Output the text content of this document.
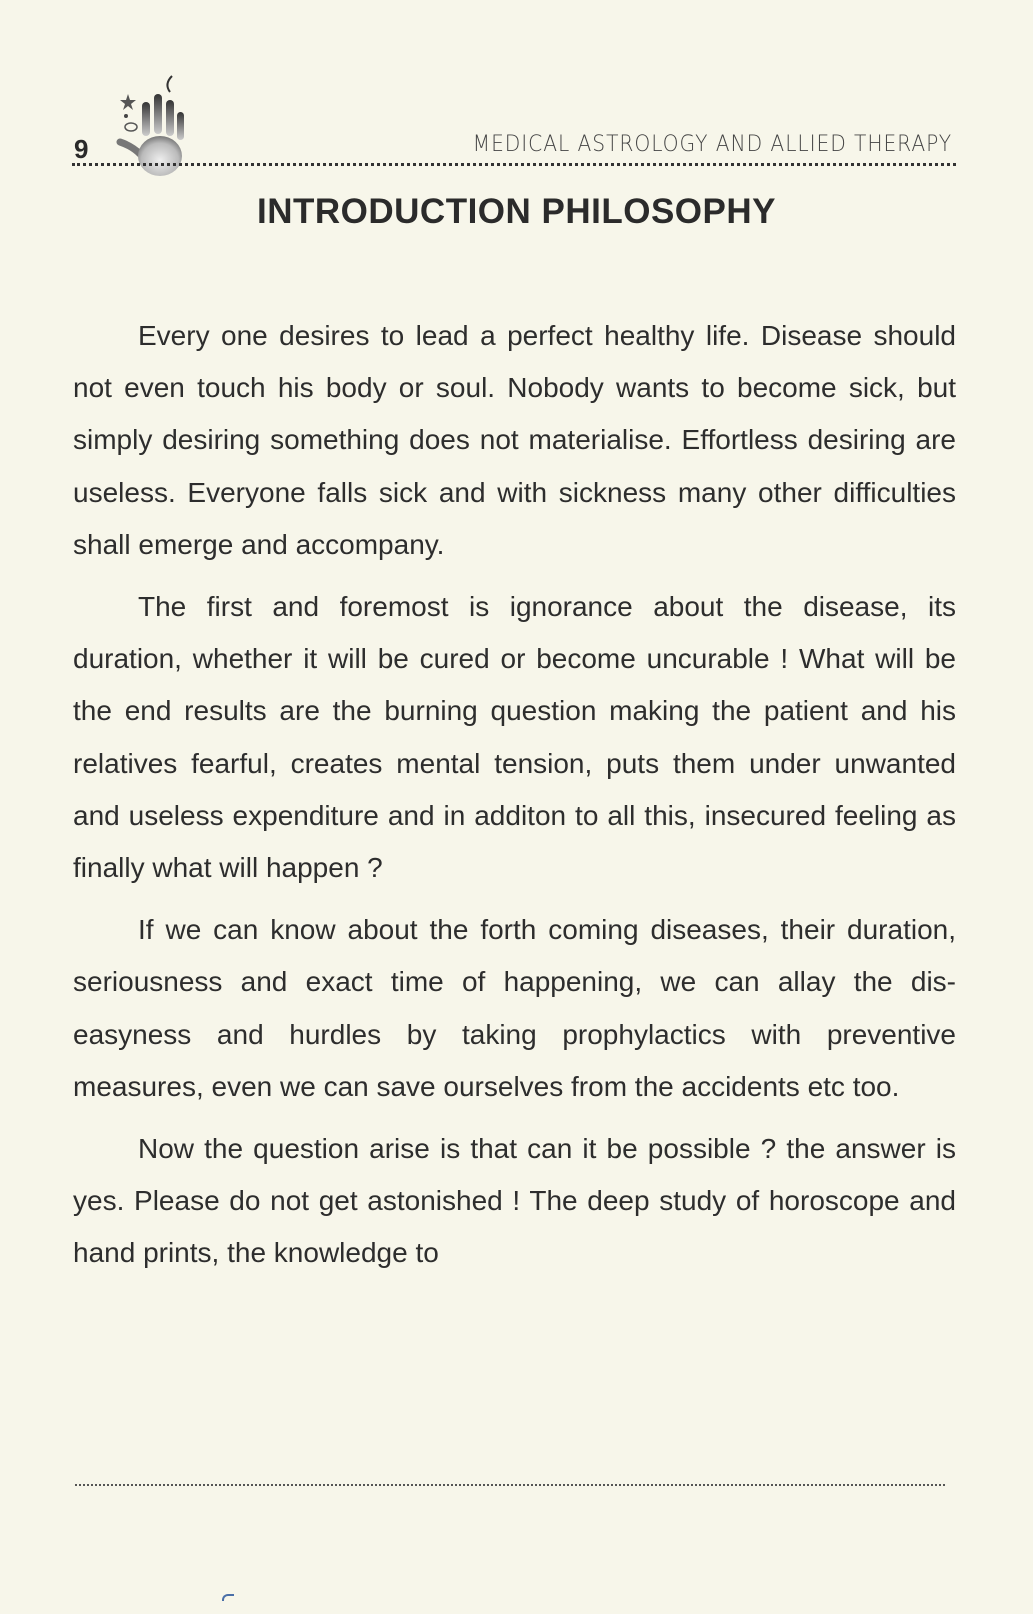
9	MEDICAL ASTROLOGY AND ALLIED THERAPY
INTRODUCTION PHILOSOPHY

Every one desires to lead a perfect healthy life. Disease should not even touch his body or soul. Nobody wants to become sick, but simply desiring something does not materialise. Effortless desiring are useless. Everyone falls sick and with sickness many other difficulties shall emerge and accompany.

The first and foremost is ignorance about the disease, its duration, whether it will be cured or become uncurable ! What will be the end results are the burning question making the patient and his relatives fearful, creates mental tension, puts them under unwanted and useless expenditure and in additon to all this, insecured feeling as finally what will happen ?

If we can know about the forth coming diseases, their duration, seriousness and exact time of happening, we can allay the dis-easyness and hurdles by taking prophylactics with preventive measures, even we can save ourselves from the accidents etc too.

Now the question arise is that can it be possible ? the answer is yes. Please do not get astonished ! The deep study of horoscope and hand prints, the knowledge to
